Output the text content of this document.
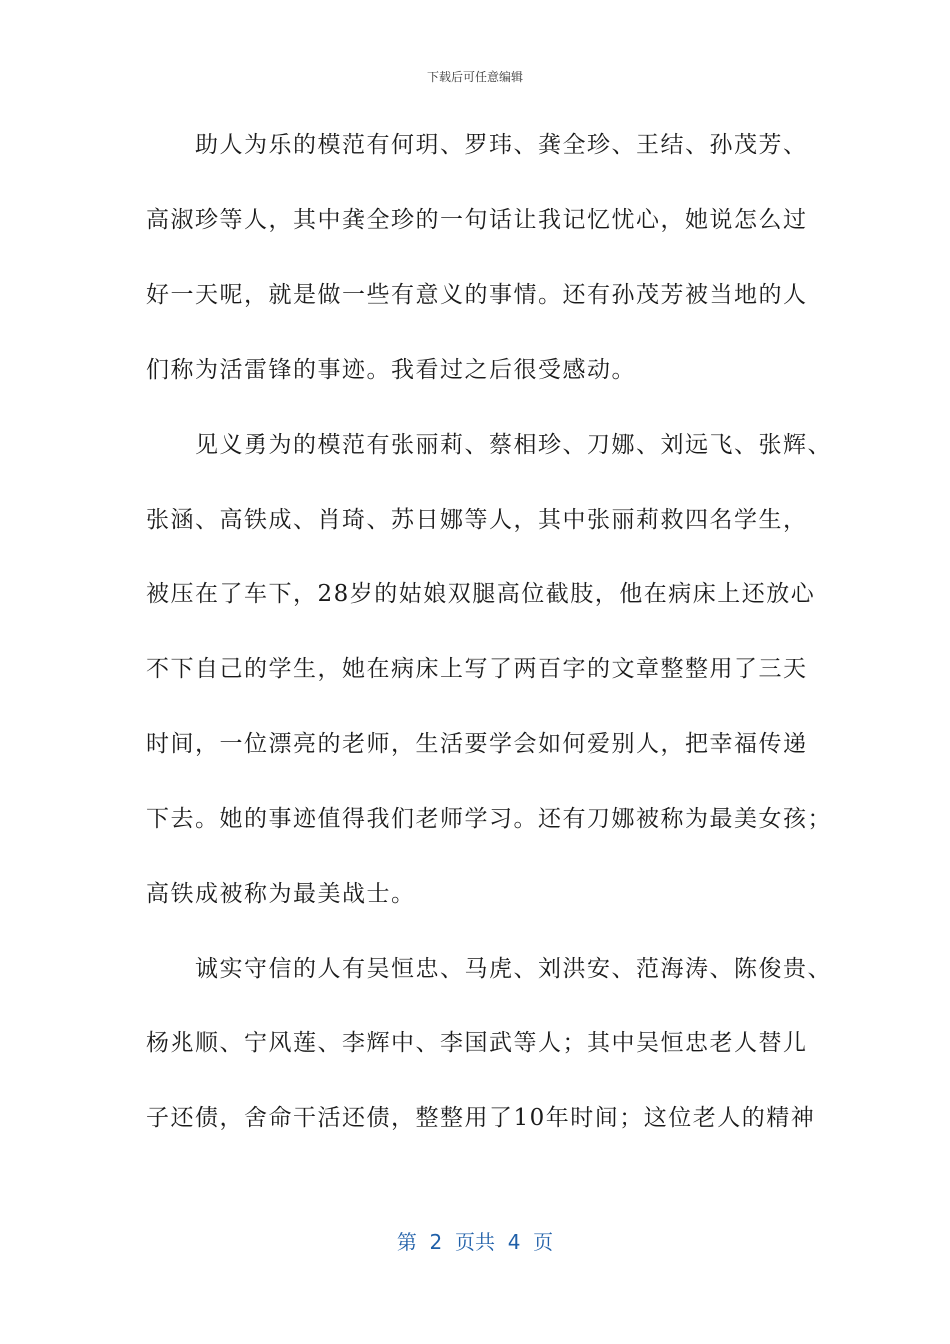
下载后可任意编辑
　　助人为乐的模范有何玥、罗玮、龚全珍、王结、孙茂芳、
高淑珍等人，其中龚全珍的一句话让我记忆忧心，她说怎么过
好一天呢，就是做一些有意义的事情。还有孙茂芳被当地的人
们称为活雷锋的事迹。我看过之后很受感动。
　　见义勇为的模范有张丽莉、蔡相珍、刀娜、刘远飞、张辉、
张涵、高铁成、肖琦、苏日娜等人，其中张丽莉救四名学生，
被压在了车下，28岁的姑娘双腿高位截肢，他在病床上还放心
不下自己的学生，她在病床上写了两百字的文章整整用了三天
时间，一位漂亮的老师，生活要学会如何爱别人，把幸福传递
下去。她的事迹值得我们老师学习。还有刀娜被称为最美女孩；
高铁成被称为最美战士。
　　诚实守信的人有吴恒忠、马虎、刘洪安、范海涛、陈俊贵、
杨兆顺、宁风莲、李辉中、李国武等人；其中吴恒忠老人替儿
子还债，舍命干活还债，整整用了10年时间；这位老人的精神
第  2  页共  4  页
